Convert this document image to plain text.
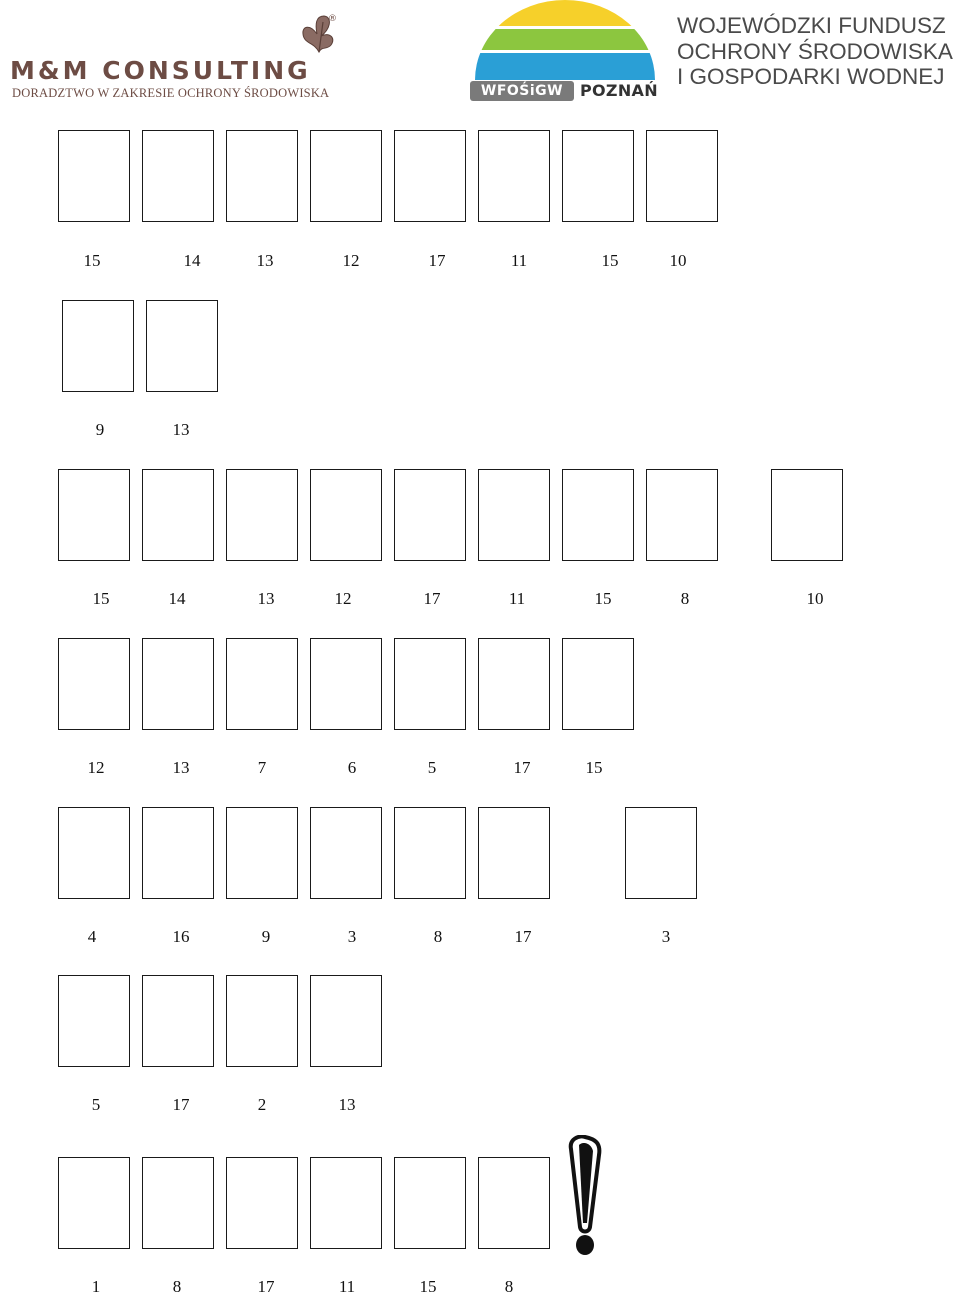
®
M&M CONSULTING
DORADZTWO W ZAKRESIE OCHRONY ŚRODOWISKA	WFOŚiGW	POZNAŃ
WOJEWÓDZKI FUNDUSZ
OCHRONY ŚRODOWISKA
I GOSPODARKI WODNEJ
15	14	13	12	17	11	15	10
9	13
15	14	13	12	17	11	15	8	10
12	13	7	6	5	17	15
4	16	9	3	8	17	3
5	17	2	13
1	8	17	11	15	8
